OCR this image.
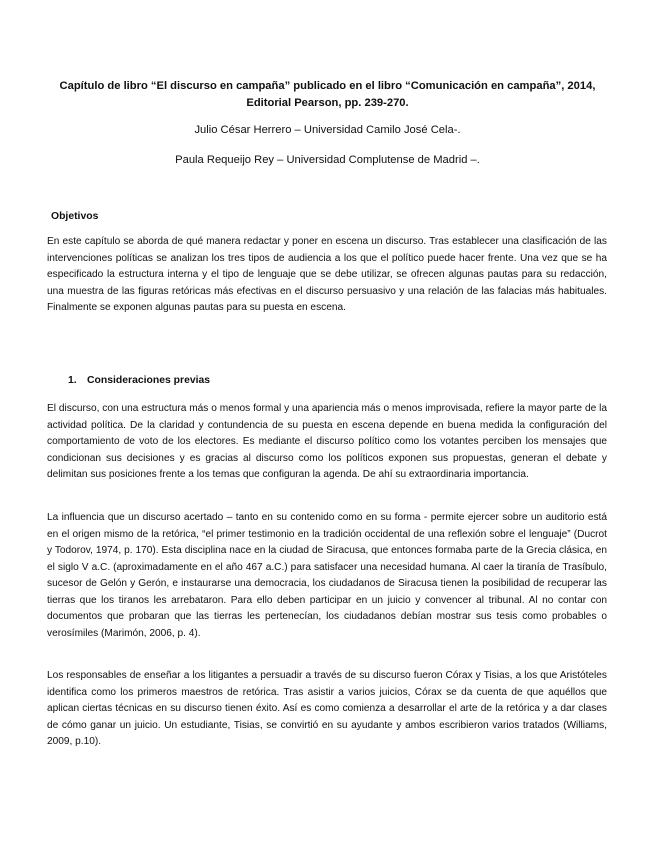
Capítulo de libro “El discurso en campaña” publicado en el libro “Comunicación en campaña”, 2014, Editorial Pearson, pp. 239-270.
Julio César Herrero – Universidad Camilo José Cela-.
Paula Requeijo Rey – Universidad Complutense de Madrid –.
Objetivos

En este capítulo se aborda de qué manera redactar y poner en escena un discurso. Tras establecer una clasificación de las intervenciones políticas se analizan los tres tipos de audiencia a los que el político puede hacer frente. Una vez que se ha especificado la estructura interna y el tipo de lenguaje que se debe utilizar, se ofrecen algunas pautas para su redacción, una muestra de las figuras retóricas más efectivas en el discurso persuasivo y una relación de las falacias más habituales. Finalmente se exponen algunas pautas para su puesta en escena.

1. Consideraciones previas

El discurso, con una estructura más o menos formal y una apariencia más o menos improvisada, refiere la mayor parte de la actividad política. De la claridad y contundencia de su puesta en escena depende en buena medida la configuración del comportamiento de voto de los electores. Es mediante el discurso político como los votantes perciben los mensajes que condicionan sus decisiones y es gracias al discurso como los políticos exponen sus propuestas, generan el debate y delimitan sus posiciones frente a los temas que configuran la agenda. De ahí su extraordinaria importancia.

La influencia que un discurso acertado – tanto en su contenido como en su forma - permite ejercer sobre un auditorio está en el origen mismo de la retórica, “el primer testimonio en la tradición occidental de una reflexión sobre el lenguaje” (Ducrot y Todorov, 1974, p. 170). Esta disciplina nace en la ciudad de Siracusa, que entonces formaba parte de la Grecia clásica, en el siglo V a.C. (aproximadamente en el año 467 a.C.) para satisfacer una necesidad humana. Al caer la tiranía de Trasíbulo, sucesor de Gelón y Gerón, e instaurarse una democracia, los ciudadanos de Siracusa tienen la posibilidad de recuperar las tierras que los tiranos les arrebataron. Para ello deben participar en un juicio y convencer al tribunal. Al no contar con documentos que probaran que las tierras les pertenecían, los ciudadanos debían mostrar sus tesis como probables o verosímiles (Marimón, 2006, p. 4).

Los responsables de enseñar a los litigantes a persuadir a través de su discurso fueron Córax y Tisias, a los que Aristóteles identifica como los primeros maestros de retórica. Tras asistir a varios juicios, Córax se da cuenta de que aquéllos que aplican ciertas técnicas en su discurso tienen éxito. Así es como comienza a desarrollar el arte de la retórica y a dar clases de cómo ganar un juicio. Un estudiante, Tisias, se convirtió en su ayudante y ambos escribieron varios tratados (Williams, 2009, p.10).
